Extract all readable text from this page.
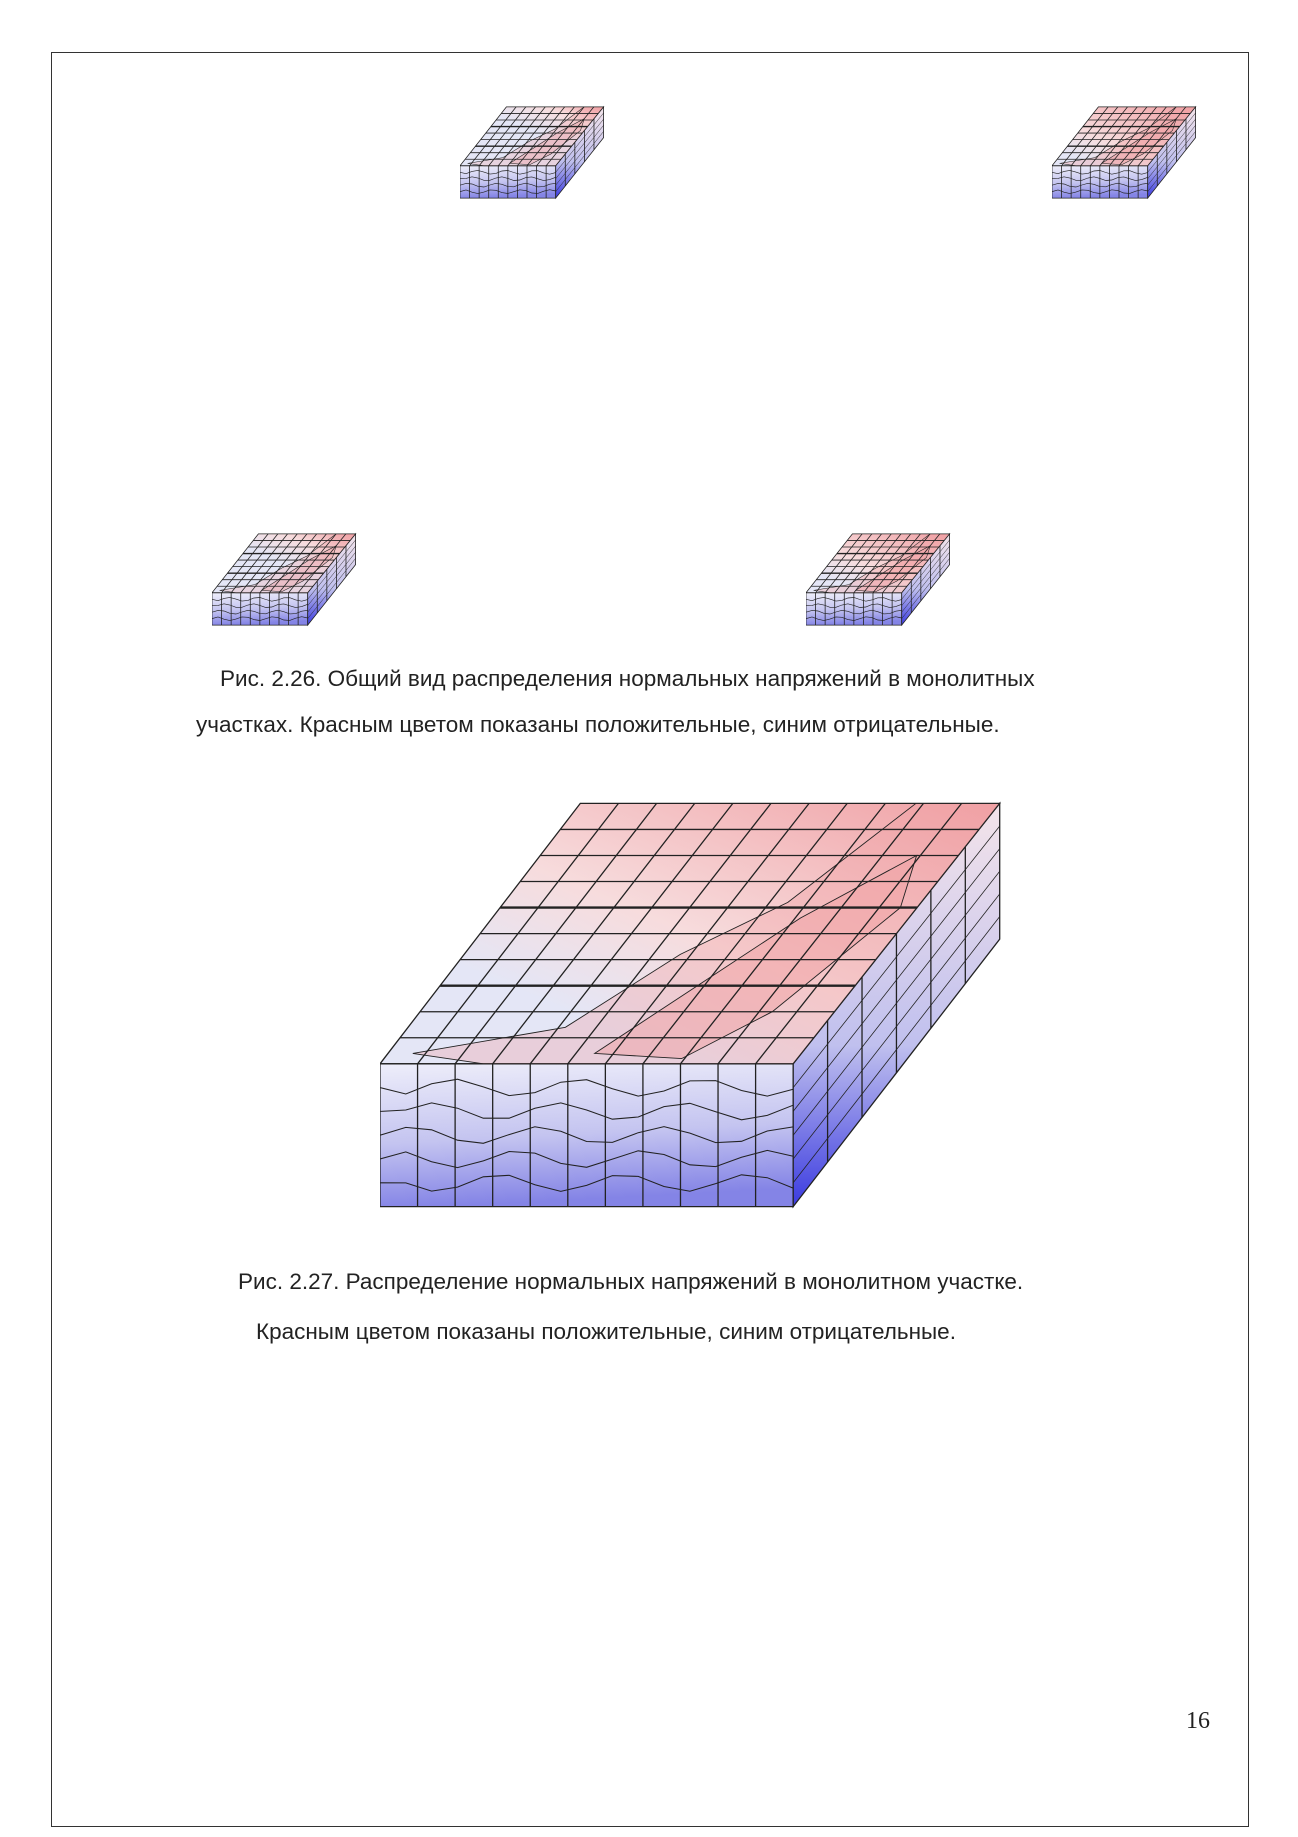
Рис. 2.26. Общий вид распределения нормальных напряжений в монолитных
участках. Красным цветом показаны положительные, синим отрицательные.
Рис. 2.27. Распределение нормальных напряжений в монолитном участке.
Красным цветом показаны положительные, синим отрицательные.
16
